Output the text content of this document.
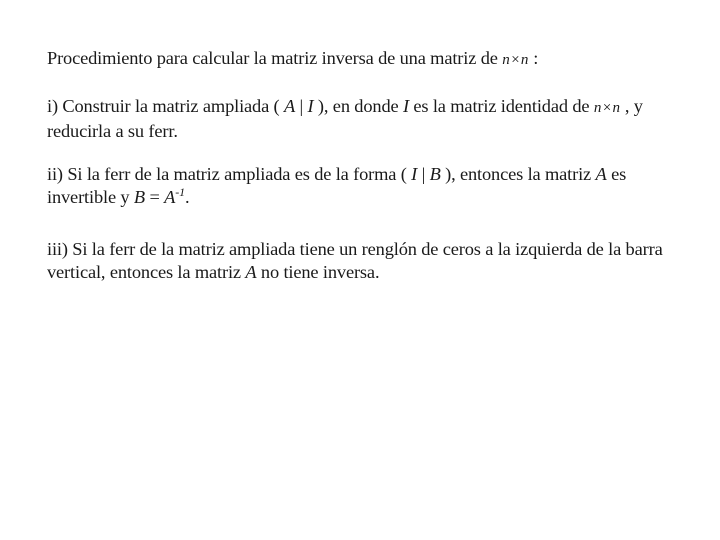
Procedimiento para calcular la matriz inversa de una matriz de n×n :
i) Construir la matriz ampliada ( A | I ), en donde I es la matriz identidad de n×n , y reducirla a su ferr.
ii) Si la ferr de la matriz ampliada es de la forma ( I | B ), entonces la matriz A es invertible y $B = A^{-1}$.
iii) Si la ferr de la matriz ampliada tiene un renglón de ceros a la izquierda de la barra vertical, entonces la matriz A no tiene inversa.
